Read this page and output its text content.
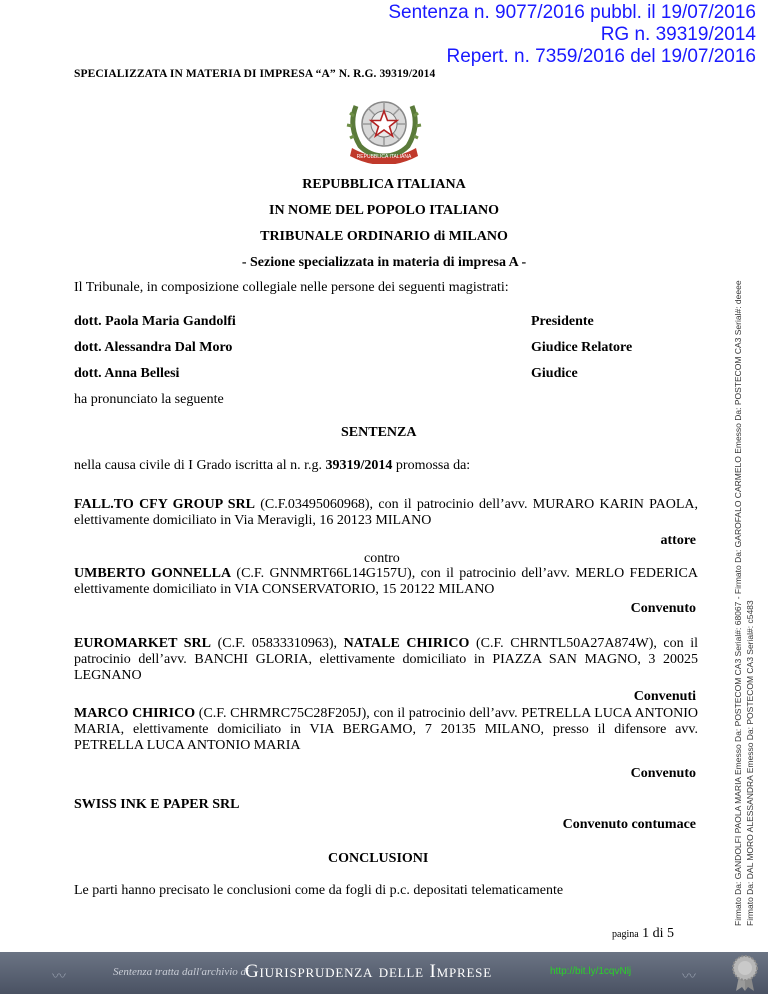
Sentenza n. 9077/2016 pubbl. il 19/07/2016
RG n. 39319/2014
Repert. n. 7359/2016 del 19/07/2016
SPECIALIZZATA IN MATERIA DI IMPRESA “A” N. R.G. 39319/2014
REPUBBLICA ITALIANA
REPUBBLICA ITALIANA
IN NOME DEL POPOLO ITALIANO
TRIBUNALE ORDINARIO di MILANO
- Sezione specializzata in materia di impresa A -
Il Tribunale, in composizione collegiale nelle persone dei seguenti magistrati:
dott. Paola Maria Gandolfi	Presidente
dott. Alessandra Dal Moro	Giudice Relatore
dott. Anna Bellesi	Giudice
ha pronunciato la seguente
SENTENZA
nella causa civile di I Grado iscritta al n. r.g. 39319/2014 promossa da:
FALL.TO CFY GROUP SRL (C.F.03495060968), con il patrocinio dell’avv. MURARO KARIN PAOLA, elettivamente domiciliato in Via Meravigli, 16 20123 MILANO
attore
contro
UMBERTO GONNELLA (C.F. GNNMRT66L14G157U), con il patrocinio dell’avv. MERLO FEDERICA elettivamente domiciliato in VIA CONSERVATORIO, 15 20122 MILANO
Convenuto
EUROMARKET SRL (C.F. 05833310963), NATALE CHIRICO (C.F. CHRNTL50A27A874W), con il patrocinio dell’avv. BANCHI GLORIA, elettivamente domiciliato in PIAZZA SAN MAGNO, 3 20025 LEGNANO
Convenuti
MARCO CHIRICO (C.F. CHRMRC75C28F205J), con il patrocinio dell’avv. PETRELLA LUCA ANTONIO MARIA, elettivamente domiciliato in VIA BERGAMO, 7 20135 MILANO, presso il difensore avv. PETRELLA LUCA ANTONIO MARIA
Convenuto
SWISS INK E PAPER SRL
Convenuto contumace
CONCLUSIONI
Le parti hanno precisato le conclusioni come da fogli di p.c. depositati telematicamente
pagina 1 di 5
Firmato Da: GANDOLFI PAOLA MARIA Emesso Da: POSTECOM CA3 Serial#: 68067 - Firmato Da: GAROFALO CARMELO Emesso Da: POSTECOM CA3 Serial#: deeee Firmato Da: DAL MORO ALESSANDRA Emesso Da: POSTECOM CA3 Serial#: c5483
〰	Sentenza tratta dall'archivio di
Giurisprudenza delle Imprese	http://bit.ly/1cqvNlj	〰
